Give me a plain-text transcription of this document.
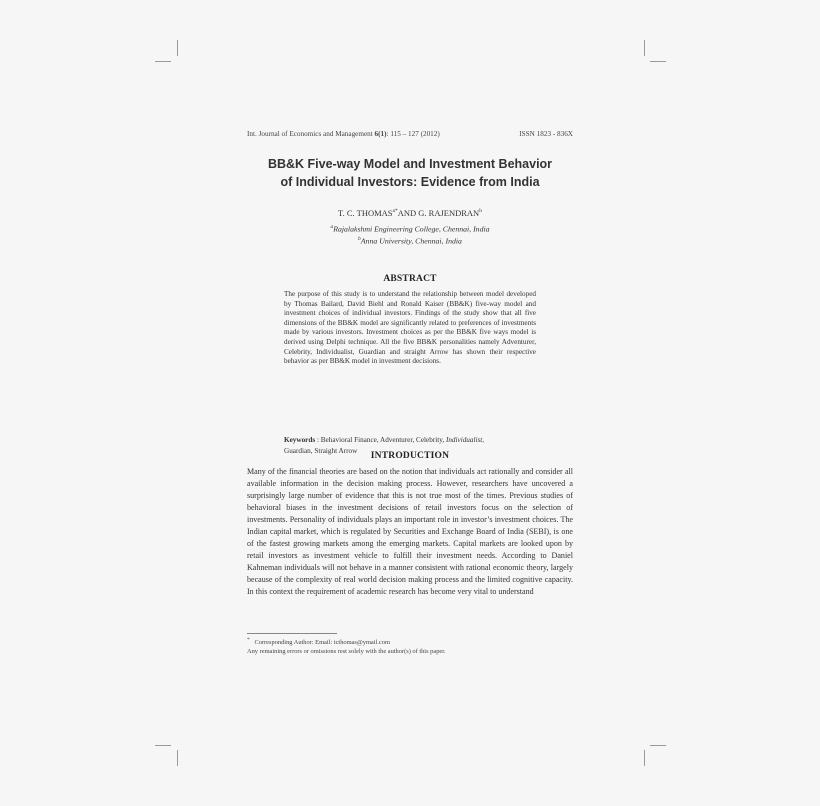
Int. Journal of Economics and Management 6(1): 115 – 127 (2012)	ISSN 1823 - 836X
BB&K Five-way Model and Investment Behavior
of Individual Investors: Evidence from India
T. C. $THOMAS^{a*}AND$ G. RAJENDRAN$^b$
$^a$Rajalakshmi Engineering College, Chennai, India
$^b$Anna University, Chennai, India
ABSTRACT
The purpose of this study is to understand the relationship between model developed by Thomas Bailard, David Biehl and Ronald Kaiser (BB&K) five-way model and investment choices of individual investors. Findings of the study show that all five dimensions of the BB&K model are significantly related to preferences of investments made by various investors. Investment choices as per the BB&K five ways model is derived using Delphi technique. All the five BB&K personalities namely Adventurer, Celebrity, Individualist, Guardian and straight Arrow has shown their respective behavior as per BB&K model in investment decisions.
Keywords : Behavioral Finance, Adventurer, Celebrity, Individualist,
Guardian, Straight Arrow
INTRODUCTION
Many of the financial theories are based on the notion that individuals act rationally and consider all available information in the decision making process. However, researchers have uncovered a surprisingly large number of evidence that this is not true most of the times. Previous studies of behavioral biases in the investment decisions of retail investors focus on the selection of investments. Personality of individuals plays an important role in investor’s investment choices. The Indian capital market, which is regulated by Securities and Exchange Board of India (SEBI), is one of the fastest growing markets among the emerging markets. Capital markets are looked upon by retail investors as investment vehicle to fulfill their investment needs. According to Daniel Kahneman individuals will not behave in a manner consistent with rational economic theory, largely because of the complexity of real world decision making process and the limited cognitive capacity. In this context the requirement of academic research has become very vital to understand
* Corresponding Author: Email: tcthomas@ymail.com
Any remaining errors or omissions rest solely with the author(s) of this paper.
